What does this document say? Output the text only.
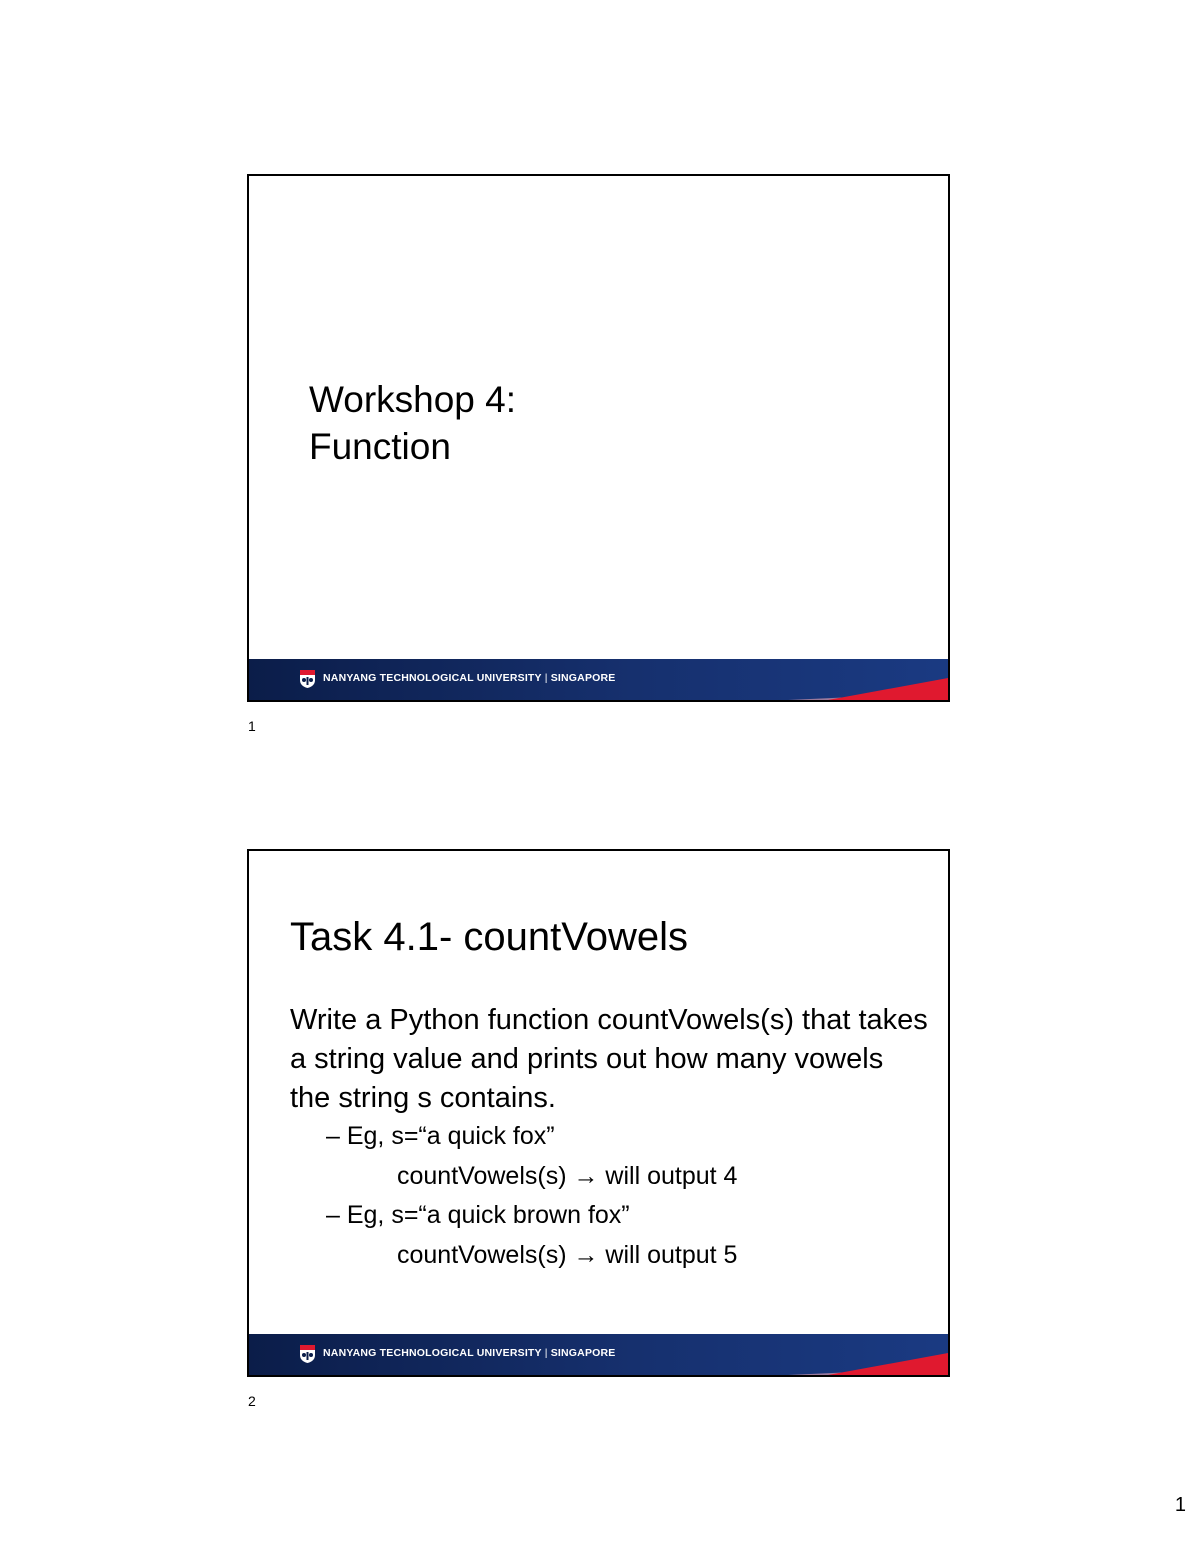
Workshop 4:
Function
NANYANG TECHNOLOGICAL UNIVERSITY | SINGAPORE
1
Task 4.1- countVowels
Write a Python function countVowels(s) that takes a string value and prints out how many vowels the string s contains.
– Eg, s=“a quick fox”
countVowels(s) → will output 4
– Eg, s=“a quick brown fox”
countVowels(s) → will output 5
NANYANG TECHNOLOGICAL UNIVERSITY | SINGAPORE
2
1
